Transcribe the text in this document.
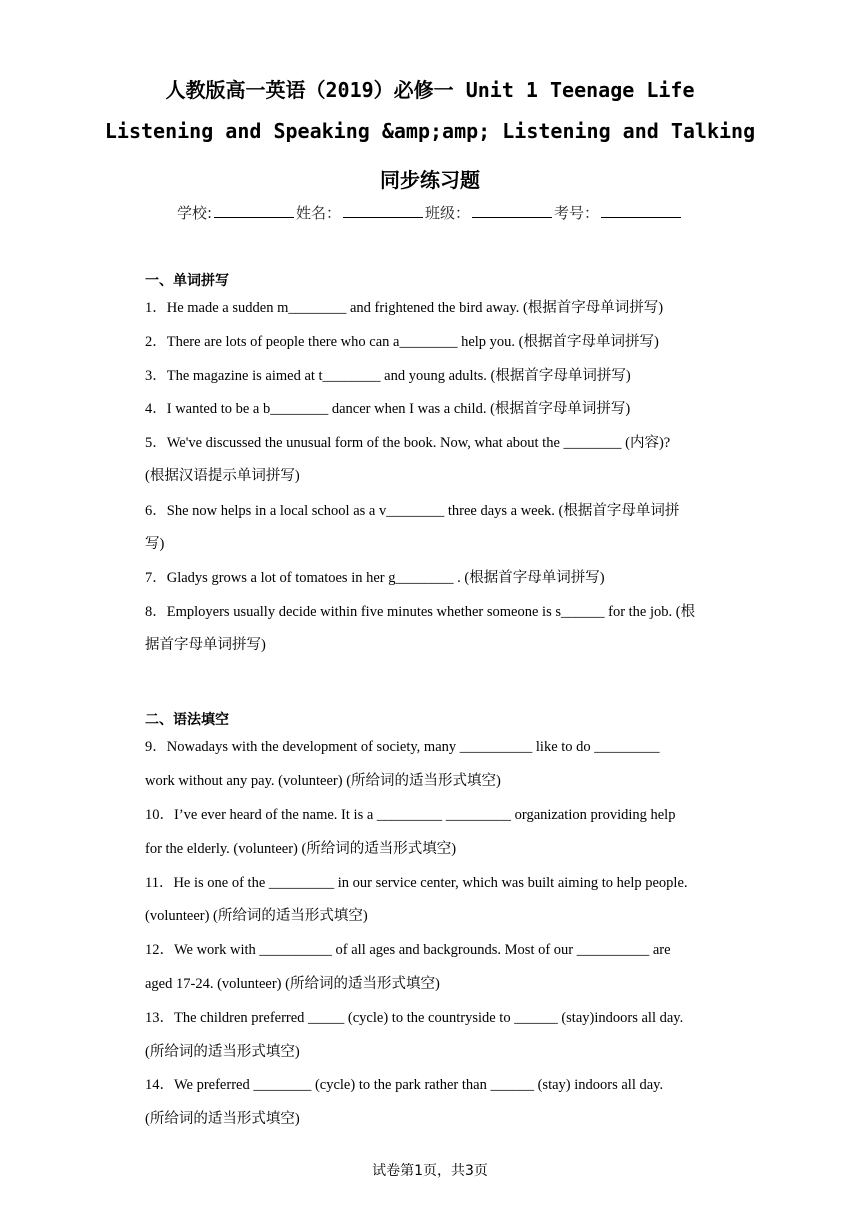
人教版高一英语（2019）必修一 Unit 1 Teenage Life
Listening and Speaking &amp;amp; Listening and Talking
同步练习题
学校:	姓名：	班级：	考号：
一、单词拼写
1．He made a sudden m________ and frightened the bird away. (根据首字母单词拼写)
2．There are lots of people there who can a________ help you. (根据首字母单词拼写)
3．The magazine is aimed at t________ and young adults. (根据首字母单词拼写)
4．I wanted to be a b________ dancer when I was a child. (根据首字母单词拼写)
5．We've discussed the unusual form of the book. Now, what about the ________ (内容)?
(根据汉语提示单词拼写)
6．She now helps in a local school as a v________ three days a week. (根据首字母单词拼
写)
7．Gladys grows a lot of tomatoes in her g________ . (根据首字母单词拼写)
8．Employers usually decide within five minutes whether someone is s______ for the job. (根
据首字母单词拼写)
二、语法填空
9．Nowadays with the development of society, many __________ like to do _________
work without any pay. (volunteer) (所给词的适当形式填空)
10．I’ve ever heard of the name. It is a _________ _________ organization providing help
for the elderly. (volunteer) (所给词的适当形式填空)
11．He is one of the _________ in our service center, which was built aiming to help people.
(volunteer) (所给词的适当形式填空)
12．We work with __________ of all ages and backgrounds. Most of our __________ are
aged 17-24. (volunteer) (所给词的适当形式填空)
13．The children preferred _____ (cycle) to the countryside to ______ (stay)indoors all day.
(所给词的适当形式填空)
14．We preferred ________ (cycle) to the park rather than ______ (stay) indoors all day.
(所给词的适当形式填空)
试卷第1页，共3页
